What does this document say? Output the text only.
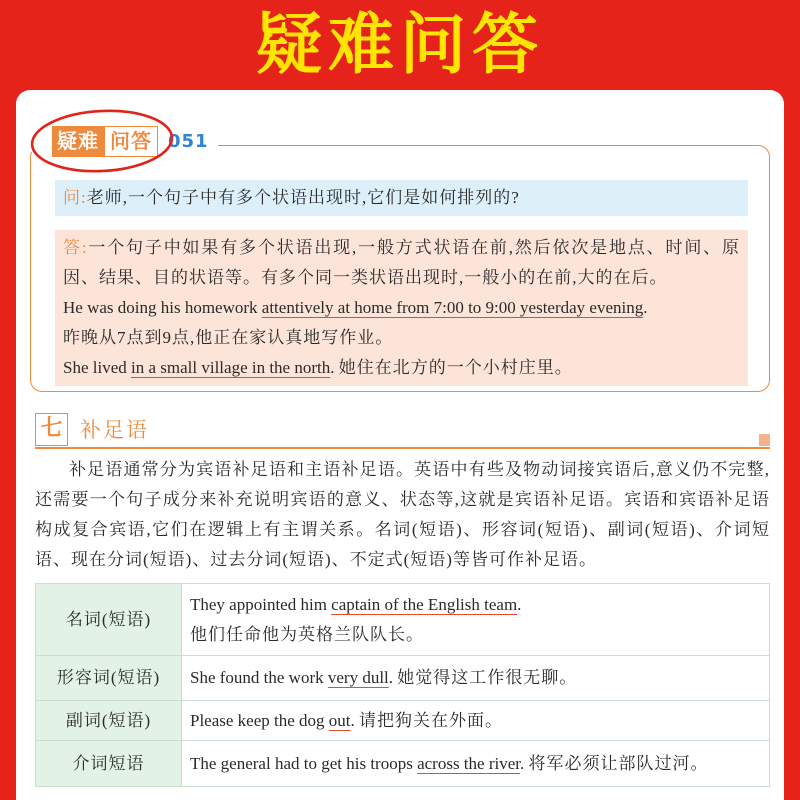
疑难问答
疑难 问答 051
问:老师,一个句子中有多个状语出现时,它们是如何排列的?

答:一个句子中如果有多个状语出现,一般方式状语在前,然后依次是地点、时间、原因、结果、目的状语等。有多个同一类状语出现时,一般小的在前,大的在后。

He was doing his homework attentively at home from 7:00 to 9:00 yesterday evening.

昨晚从7点到9点,他正在家认真地写作业。

She lived in a small village in the north. 她住在北方的一个小村庄里。

七 补足语

补足语通常分为宾语补足语和主语补足语。英语中有些及物动词接宾语后,意义仍不完整,还需要一个句子成分来补充说明宾语的意义、状态等,这就是宾语补足语。宾语和宾语补足语构成复合宾语,它们在逻辑上有主谓关系。名词(短语)、形容词(短语)、副词(短语)、介词短语、现在分词(短语)、过去分词(短语)、不定式(短语)等皆可作补足语。

名词(短语)	They appointed him captain of the English team.
他们任命他为英格兰队队长。

形容词(短语)	She found the work very dull. 她觉得这工作很无聊。
副词(短语)	Please keep the dog out. 请把狗关在外面。
介词短语	The general had to get his troops across the river. 将军必须让部队过河。
